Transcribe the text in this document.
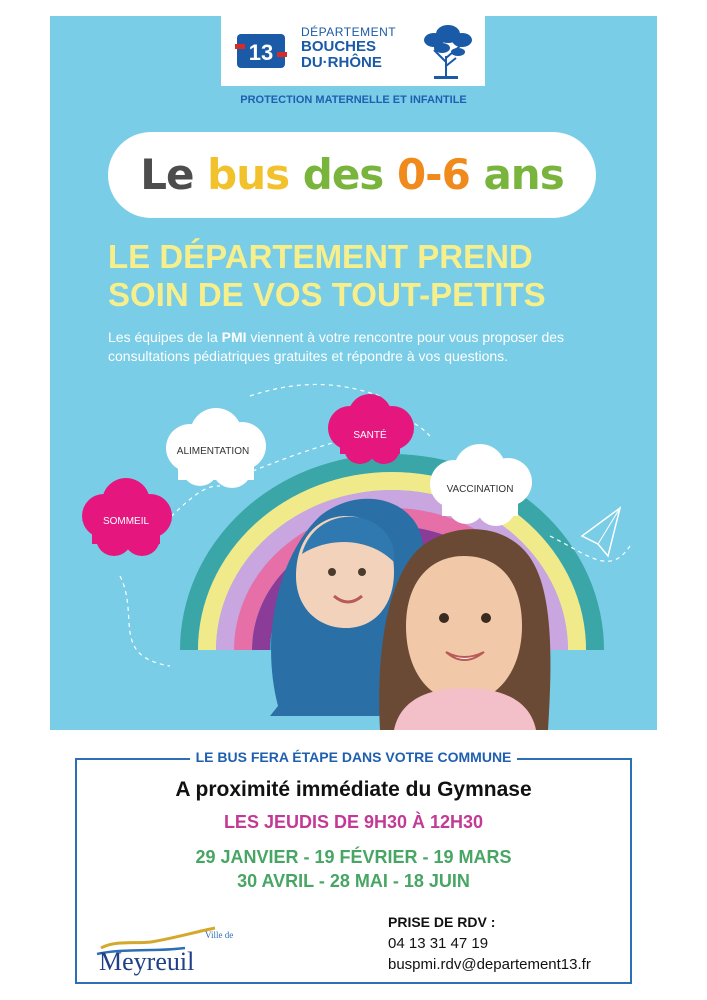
13
DÉPARTEMENT
BOUCHES
DU·RHÔNE
PROTECTION MATERNELLE ET INFANTILE
Le bus des 0-6 ans
LE DÉPARTEMENT PREND
SOIN DE VOS TOUT-PETITS
Les équipes de la PMI viennent à votre rencontre pour vous proposer des consultations pédiatriques gratuites et répondre à vos questions.
ALIMENTATION
SANTÉ
VACCINATION
SOMMEIL
LE BUS FERA ÉTAPE DANS VOTRE COMMUNE
A proximité immédiate du Gymnase
LES JEUDIS DE 9H30 À 12H30
29 JANVIER - 19 FÉVRIER - 19 MARS
30 AVRIL - 28 MAI - 18 JUIN
Ville de
Meyreuil
PRISE DE RDV :
04 13 31 47 19
buspmi.rdv@departement13.fr
